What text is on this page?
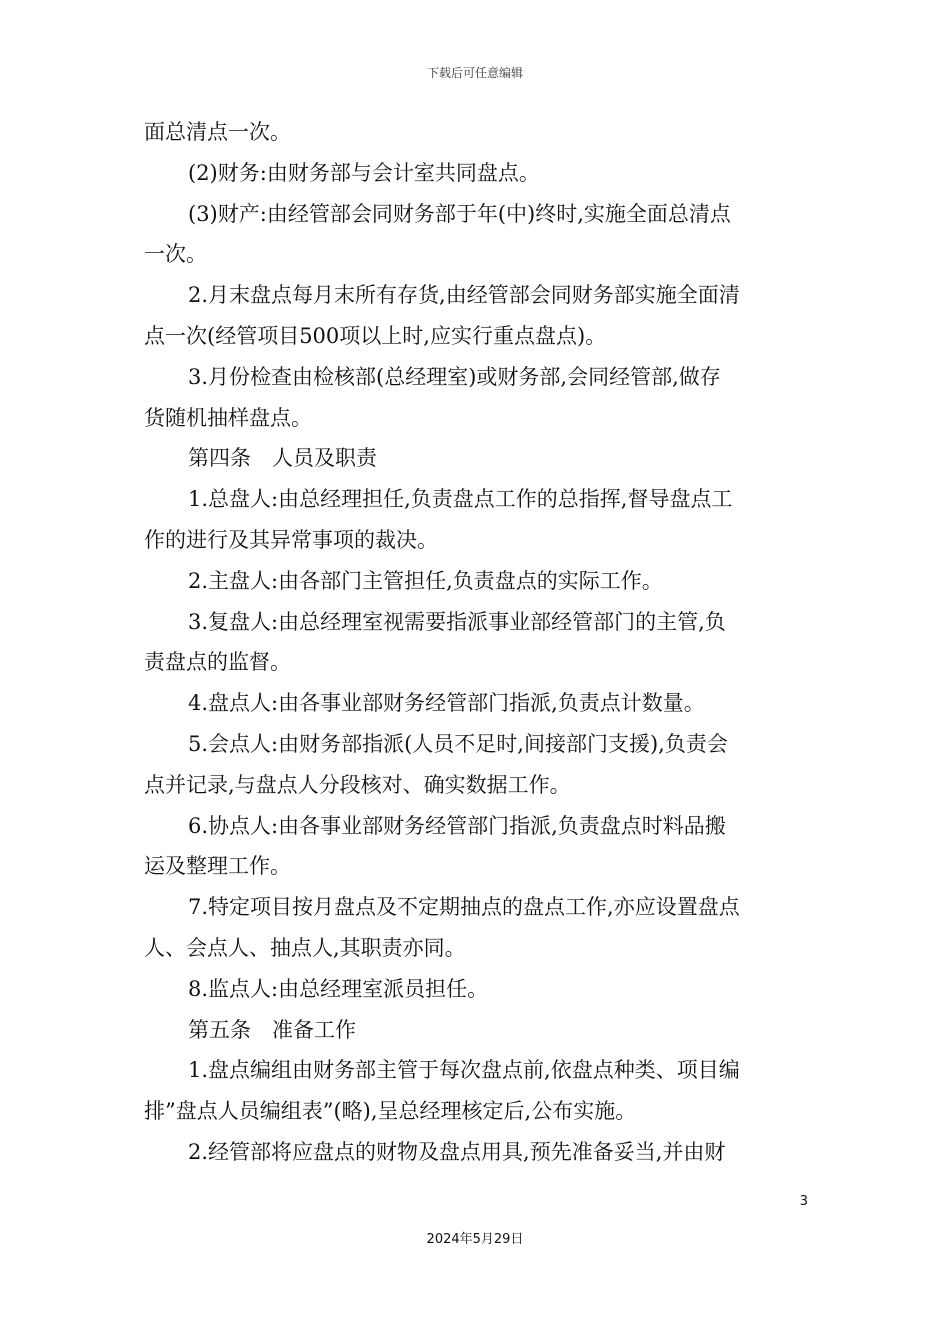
下载后可任意编辑
面总清点一次。
(2)财务:由财务部与会计室共同盘点。
(3)财产:由经管部会同财务部于年(中)终时,实施全面总清点
一次。
2.月末盘点每月末所有存货,由经管部会同财务部实施全面清
点一次(经管项目500项以上时,应实行重点盘点)。
3.月份检查由检核部(总经理室)或财务部,会同经管部,做存
货随机抽样盘点。
第四条　人员及职责
1.总盘人:由总经理担任,负责盘点工作的总指挥,督导盘点工
作的进行及其异常事项的裁决。
2.主盘人:由各部门主管担任,负责盘点的实际工作。
3.复盘人:由总经理室视需要指派事业部经管部门的主管,负
责盘点的监督。
4.盘点人:由各事业部财务经管部门指派,负责点计数量。
5.会点人:由财务部指派(人员不足时,间接部门支援),负责会
点并记录,与盘点人分段核对、确实数据工作。
6.协点人:由各事业部财务经管部门指派,负责盘点时料品搬
运及整理工作。
7.特定项目按月盘点及不定期抽点的盘点工作,亦应设置盘点
人、会点人、抽点人,其职责亦同。
8.监点人:由总经理室派员担任。
第五条　准备工作
1.盘点编组由财务部主管于每次盘点前,依盘点种类、项目编
排”盘点人员编组表”(略),呈总经理核定后,公布实施。
2.经管部将应盘点的财物及盘点用具,预先准备妥当,并由财
3
2024年5月29日
